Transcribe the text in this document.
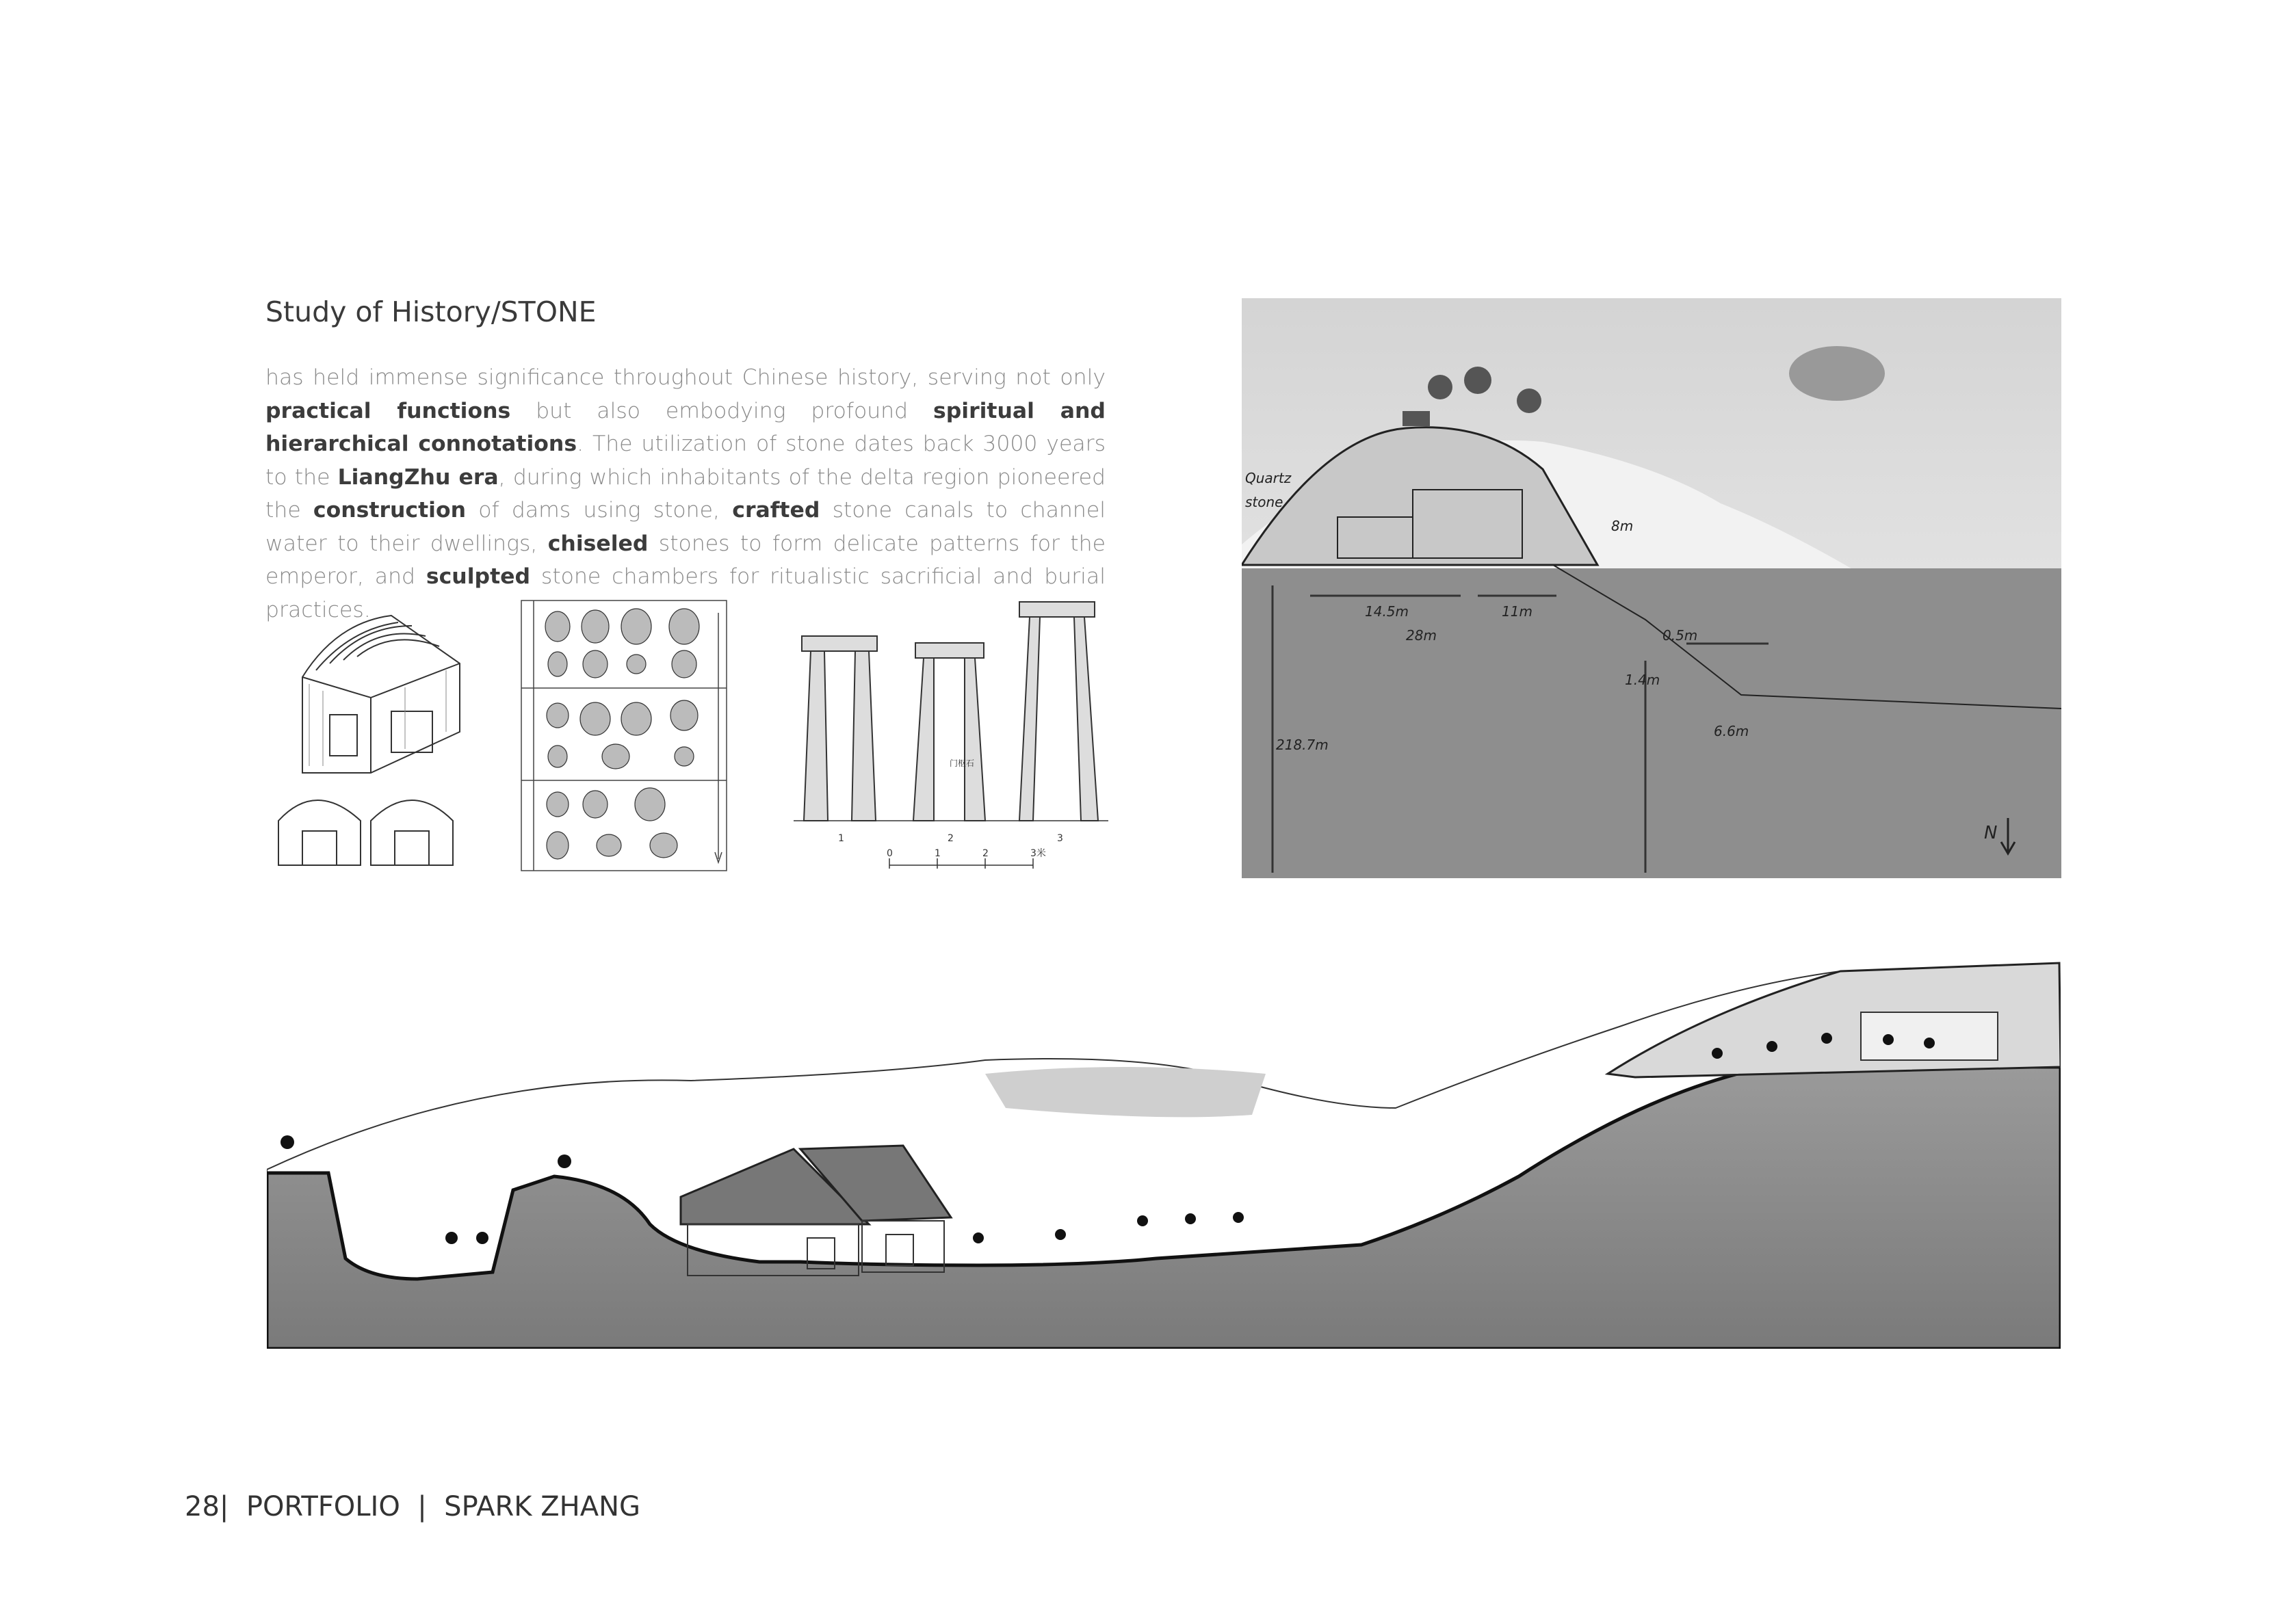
Study of History/STONE
has held immense significance throughout Chinese history, serving not only practical functions but also embodying profound spiritual and hierarchical connotations. The utilization of stone dates back 3000 years to the LiangZhu era, during which inhabitants of the delta region pioneered the construction of dams using stone, crafted stone canals to channel water to their dwellings, chiseled stones to form delicate patterns for the emperor, and sculpted stone chambers for ritualistic sacrificial and burial practices.
1	2	3
0	1	2	3米
门枢石
Quartz
stone
8m
14.5m	11m
28m	0.5m
1.4m
6.6m
218.7m
N
28| PORTFOLIO | SPARK ZHANG
